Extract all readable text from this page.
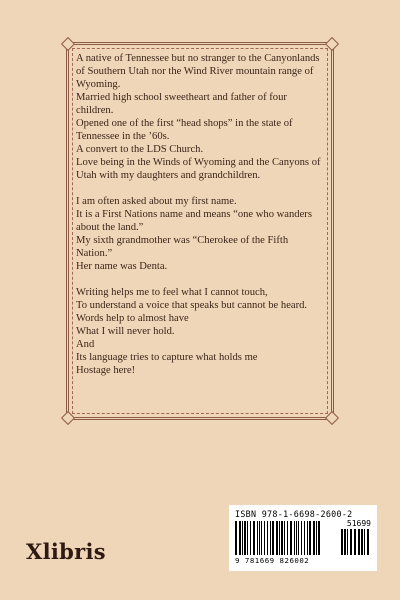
A native of Tennessee but no stranger to the Canyonlands of Southern Utah nor the Wind River mountain range of Wyoming.

Married high school sweetheart and father of four children.

Opened one of the first “head shops” in the state of Tennessee in the ’60s.

A convert to the LDS Church.

Love being in the Winds of Wyoming and the Canyons of Utah with my daughters and grandchildren.

I am often asked about my first name.

It is a First Nations name and means “one who wanders about the land.”

My sixth grandmother was “Cherokee of the Fifth Nation.”

Her name was Denta.

Writing helps me to feel what I cannot touch,

To understand a voice that speaks but cannot be heard.

Words help to almost have

What I will never hold.

And

Its language tries to capture what holds me

Hostage here!

Xlibris
ISBN 978-1-6698-2600-2
51699
9 781669 826002
